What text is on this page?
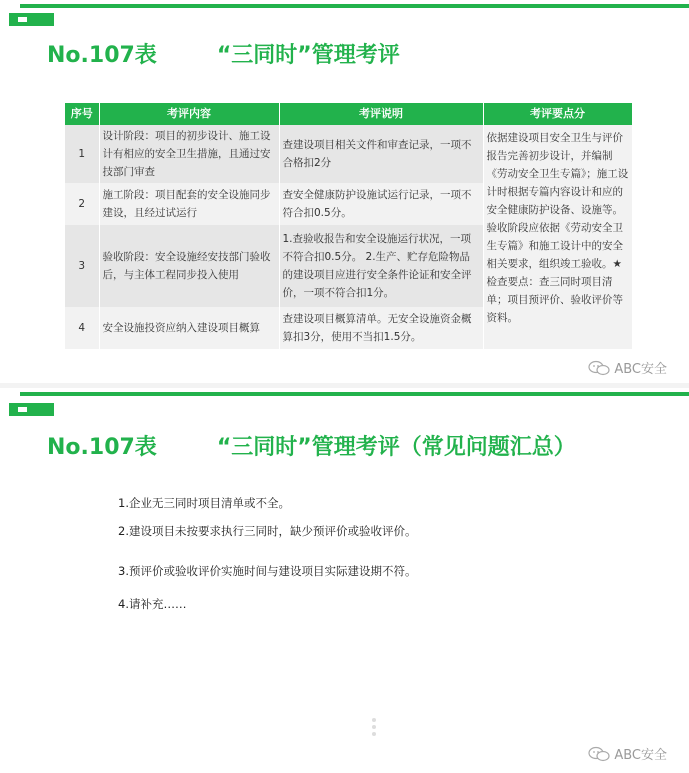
No.107表	“三同时”管理考评
序号	考评内容	考评说明	考评要点分
1	设计阶段：项目的初步设计、施工设计有相应的安全卫生措施，且通过安技部门审查	查建设项目相关文件和审查记录，一项不合格扣2分	依据建设项目安全卫生与评价报告完善初步设计，并编制《劳动安全卫生专篇》；施工设计时根据专篇内容设计和应的安全健康防护设备、设施等。验收阶段应依据《劳动安全卫生专篇》和施工设计中的安全相关要求，组织竣工验收。★检查要点：查三同时项目清单；项目预评价、验收评价等资料。
2	施工阶段：项目配套的安全设施同步建设，且经过试运行	查安全健康防护设施试运行记录，一项不符合扣0.5分。	
3	验收阶段：安全设施经安技部门验收后，与主体工程同步投入使用	1.查验收报告和安全设施运行状况，一项不符合扣0.5分。 2.生产、贮存危险物品的建设项目应进行安全条件论证和安全评价，一项不符合扣1分。	
4	安全设施投资应纳入建设项目概算	查建设项目概算清单。无安全设施资金概算扣3分，使用不当扣1.5分。	
ABC安全
No.107表	“三同时”管理考评（常见问题汇总）
1.企业无三同时项目清单或不全。
2.建设项目未按要求执行三同时，缺少预评价或验收评价。
3.预评价或验收评价实施时间与建设项目实际建设期不符。
4.请补充……
ABC安全
